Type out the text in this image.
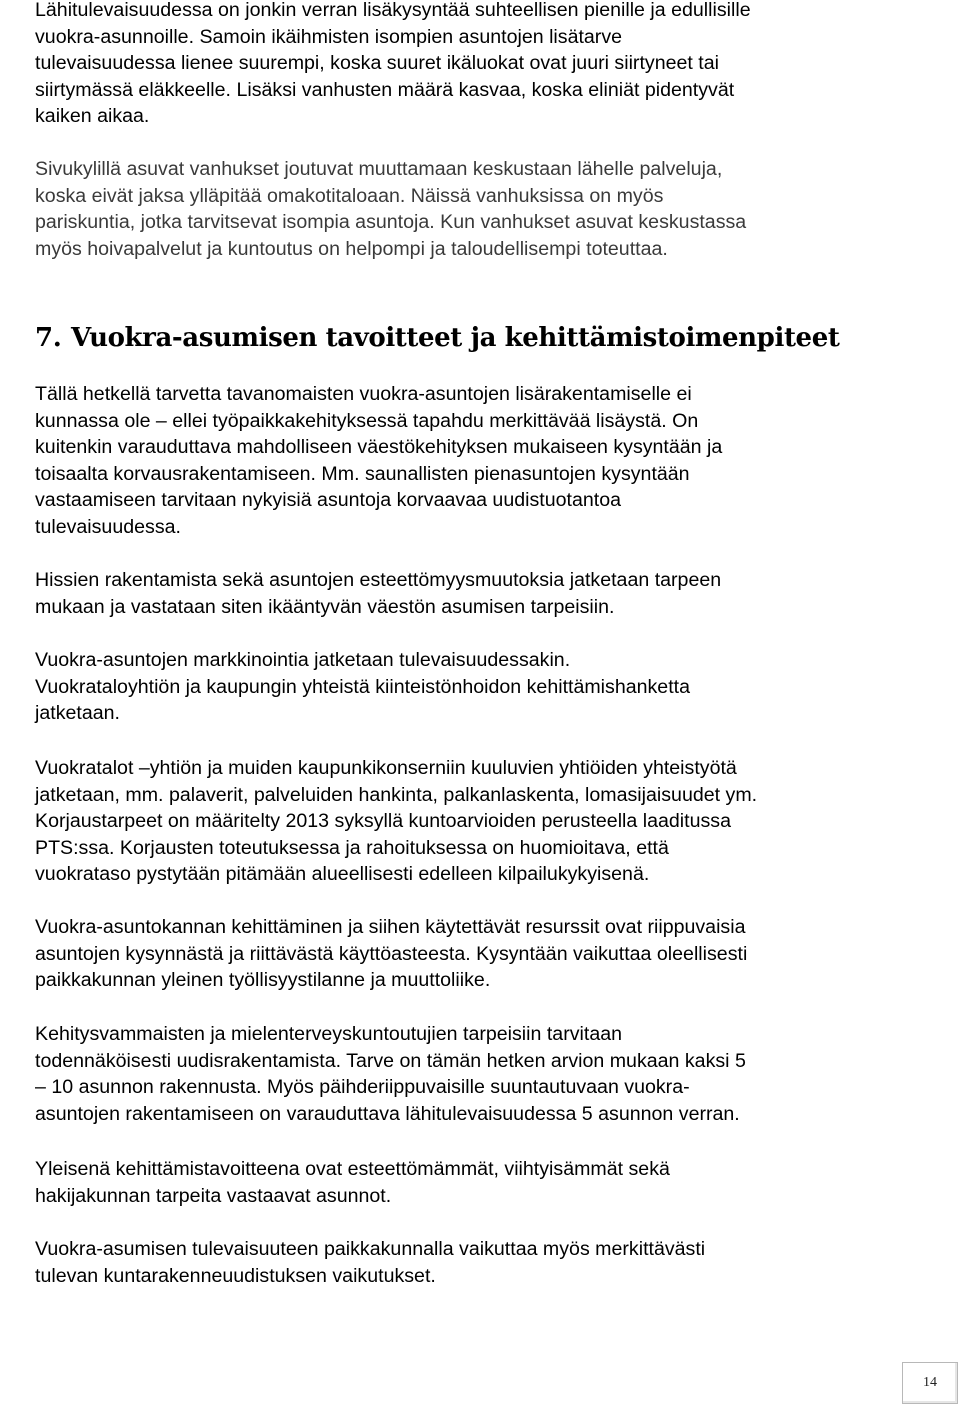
Lähitulevaisuudessa on jonkin verran lisäkysyntää suhteellisen pienille ja edullisille
vuokra-asunnoille. Samoin ikäihmisten isompien asuntojen lisätarve
tulevaisuudessa lienee suurempi, koska suuret ikäluokat ovat juuri siirtyneet tai
siirtymässä eläkkeelle. Lisäksi vanhusten määrä kasvaa, koska eliniät pidentyvät
kaiken aikaa.

Sivukylillä asuvat vanhukset joutuvat muuttamaan keskustaan lähelle palveluja,
koska eivät jaksa ylläpitää omakotitaloaan. Näissä vanhuksissa on myös
pariskuntia, jotka tarvitsevat isompia asuntoja. Kun vanhukset asuvat keskustassa
myös hoivapalvelut ja kuntoutus on helpompi ja taloudellisempi toteuttaa.

7. Vuokra-asumisen tavoitteet ja kehittämistoimenpiteet

Tällä hetkellä tarvetta tavanomaisten vuokra-asuntojen lisärakentamiselle ei
kunnassa ole – ellei työpaikkakehityksessä tapahdu merkittävää lisäystä. On
kuitenkin varauduttava mahdolliseen väestökehityksen mukaiseen kysyntään ja
toisaalta korvausrakentamiseen. Mm. saunallisten pienasuntojen kysyntään
vastaamiseen tarvitaan nykyisiä asuntoja korvaavaa uudistuotantoa
tulevaisuudessa.

Hissien rakentamista sekä asuntojen esteettömyysmuutoksia jatketaan tarpeen
mukaan ja vastataan siten ikääntyvän väestön asumisen tarpeisiin.

Vuokra-asuntojen markkinointia jatketaan tulevaisuudessakin.
Vuokrataloyhtiön ja kaupungin yhteistä kiinteistönhoidon kehittämishanketta
jatketaan.

Vuokratalot –yhtiön ja muiden kaupunkikonserniin kuuluvien yhtiöiden yhteistyötä
jatketaan, mm. palaverit, palveluiden hankinta, palkanlaskenta, lomasijaisuudet ym.
Korjaustarpeet on määritelty 2013 syksyllä kuntoarvioiden perusteella laaditussa
PTS:ssa. Korjausten toteutuksessa ja rahoituksessa on huomioitava, että
vuokrataso pystytään pitämään alueellisesti edelleen kilpailukykyisenä.

Vuokra-asuntokannan kehittäminen ja siihen käytettävät resurssit ovat riippuvaisia
asuntojen kysynnästä ja riittävästä käyttöasteesta. Kysyntään vaikuttaa oleellisesti
paikkakunnan yleinen työllisyystilanne ja muuttoliike.

Kehitysvammaisten ja mielenterveyskuntoutujien tarpeisiin tarvitaan
todennäköisesti uudisrakentamista. Tarve on tämän hetken arvion mukaan kaksi 5
– 10 asunnon rakennusta. Myös päihderiippuvaisille suuntautuvaan vuokra-
asuntojen rakentamiseen on varauduttava lähitulevaisuudessa 5 asunnon verran.

Yleisenä kehittämistavoitteena ovat esteettömämmät, viihtyisämmät sekä
hakijakunnan tarpeita vastaavat asunnot.

Vuokra-asumisen tulevaisuuteen paikkakunnalla vaikuttaa myös merkittävästi
tulevan kuntarakenneuudistuksen vaikutukset.

14
